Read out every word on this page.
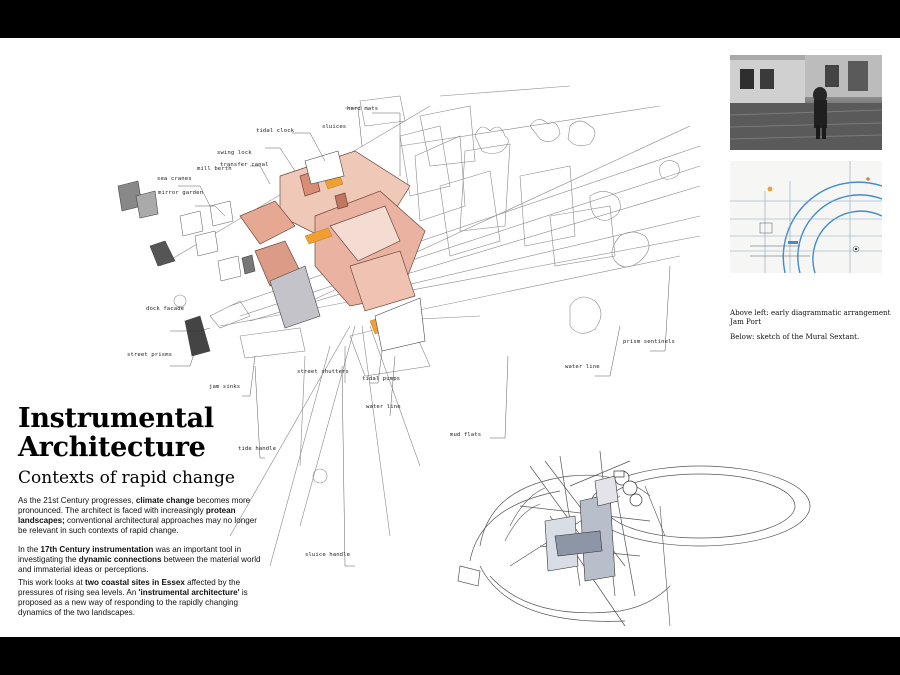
hard mats
tidal clock
sluices
swing lock
transfer canal
mill berth
sea cranes
mirror garden
dock facade
street prisms
jam sinks
street shutters
tidal pumps
water line
water line
prism sentinels
mud flats
tide handle
sluice handle
Above left: early diagrammatic arrangement Jam Port
Below: sketch of the Mural Sextant.
Instrumental
Architecture
Contexts of rapid change

As the 21st Century progresses, climate change becomes more pronounced. The architect is faced with increasingly protean landscapes; conventional architectural approaches may no longer be relevant in such contexts of rapid change.

In the 17th Century instrumentation was an important tool in investigating the dynamic connections between the material world and immaterial ideas or perceptions.

This work looks at two coastal sites in Essex affected by the pressures of rising sea levels. An 'instrumental architecture' is proposed as a new way of responding to the rapidly changing dynamics of the two landscapes.
